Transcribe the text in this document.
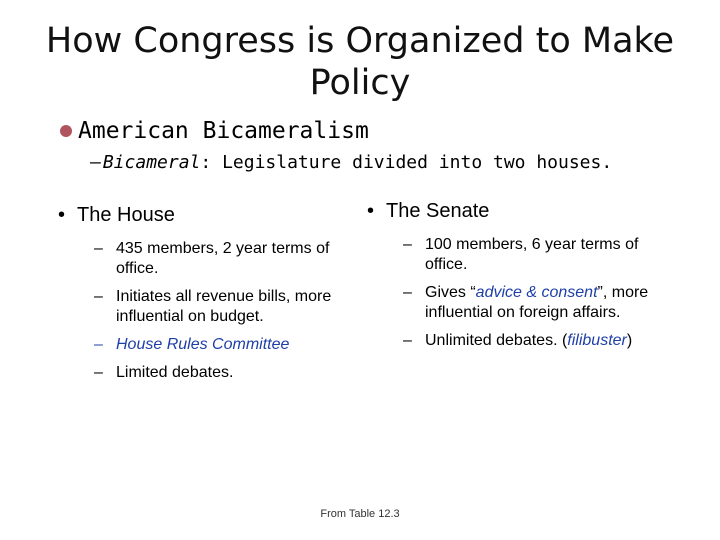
How Congress is Organized to Make Policy
American Bicameralism
– Bicameral: Legislature divided into two houses.
• The House
– 435 members, 2 year terms of office.
– Initiates all revenue bills, more influential on budget.
– House Rules Committee
– Limited debates.
• The Senate
– 100 members, 6 year terms of office.
– Gives “advice & consent”, more influential on foreign affairs.
– Unlimited debates. (filibuster)
From Table 12.3
